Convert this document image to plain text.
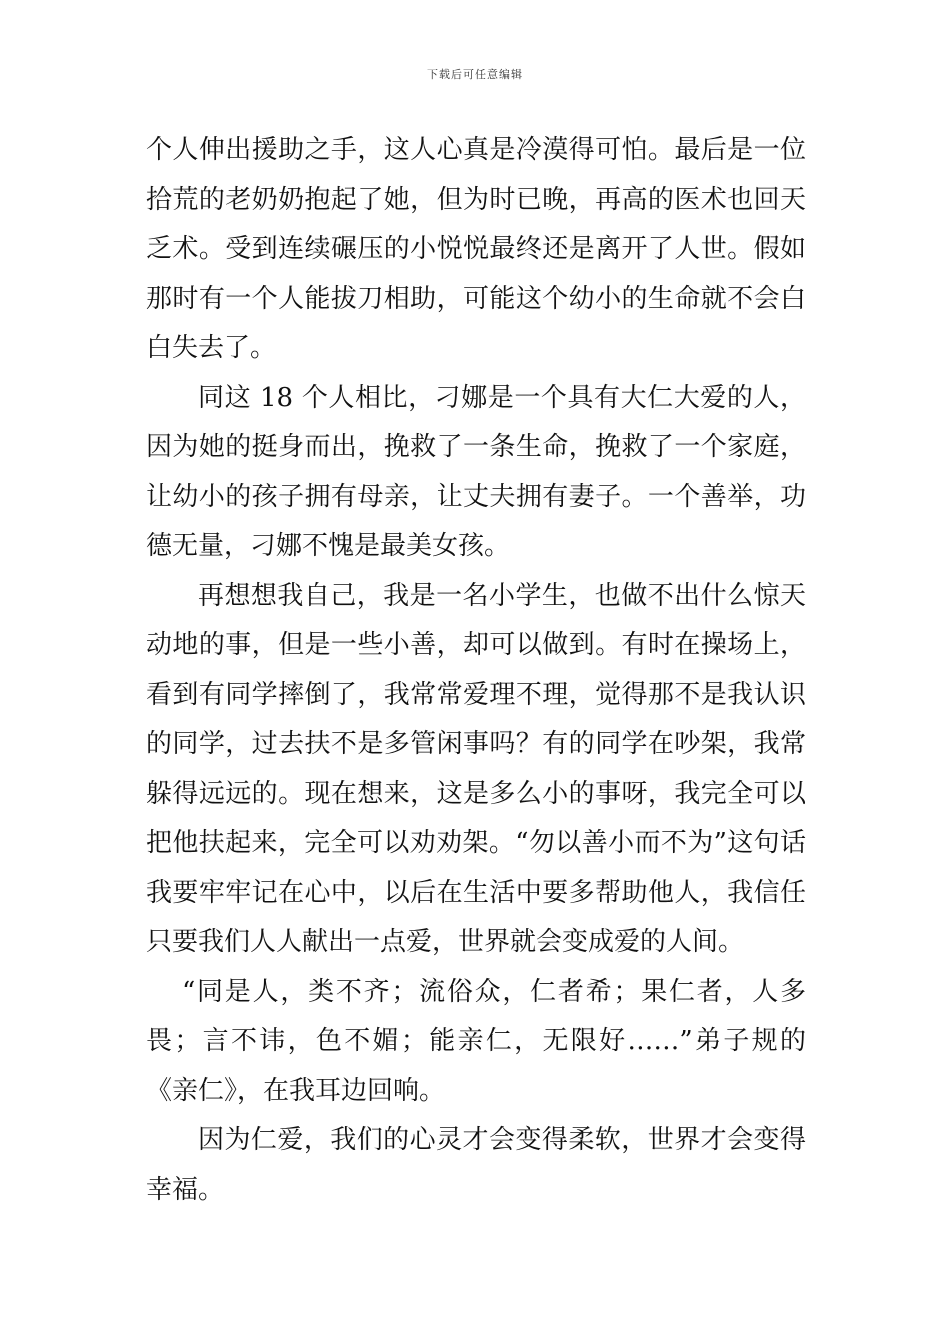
下载后可任意编辑

个人伸出援助之手，这人心真是冷漠得可怕。最后是一位拾荒的老奶奶抱起了她，但为时已晚，再高的医术也回天乏术。受到连续碾压的小悦悦最终还是离开了人世。假如那时有一个人能拔刀相助，可能这个幼小的生命就不会白白失去了。

同这 18 个人相比，刁娜是一个具有大仁大爱的人，因为她的挺身而出，挽救了一条生命，挽救了一个家庭，让幼小的孩子拥有母亲，让丈夫拥有妻子。一个善举，功德无量，刁娜不愧是最美女孩。

再想想我自己，我是一名小学生，也做不出什么惊天动地的事，但是一些小善，却可以做到。有时在操场上，看到有同学摔倒了，我常常爱理不理，觉得那不是我认识的同学，过去扶不是多管闲事吗？有的同学在吵架，我常躲得远远的。现在想来，这是多么小的事呀，我完全可以把他扶起来，完全可以劝劝架。“勿以善小而不为”这句话我要牢牢记在心中，以后在生活中要多帮助他人，我信任只要我们人人献出一点爱，世界就会变成爱的人间。

“同是人，类不齐；流俗众，仁者希；果仁者，人多畏；言不讳，色不媚；能亲仁，无限好……”弟子规的《亲仁》，在我耳边回响。

因为仁爱，我们的心灵才会变得柔软，世界才会变得幸福。
